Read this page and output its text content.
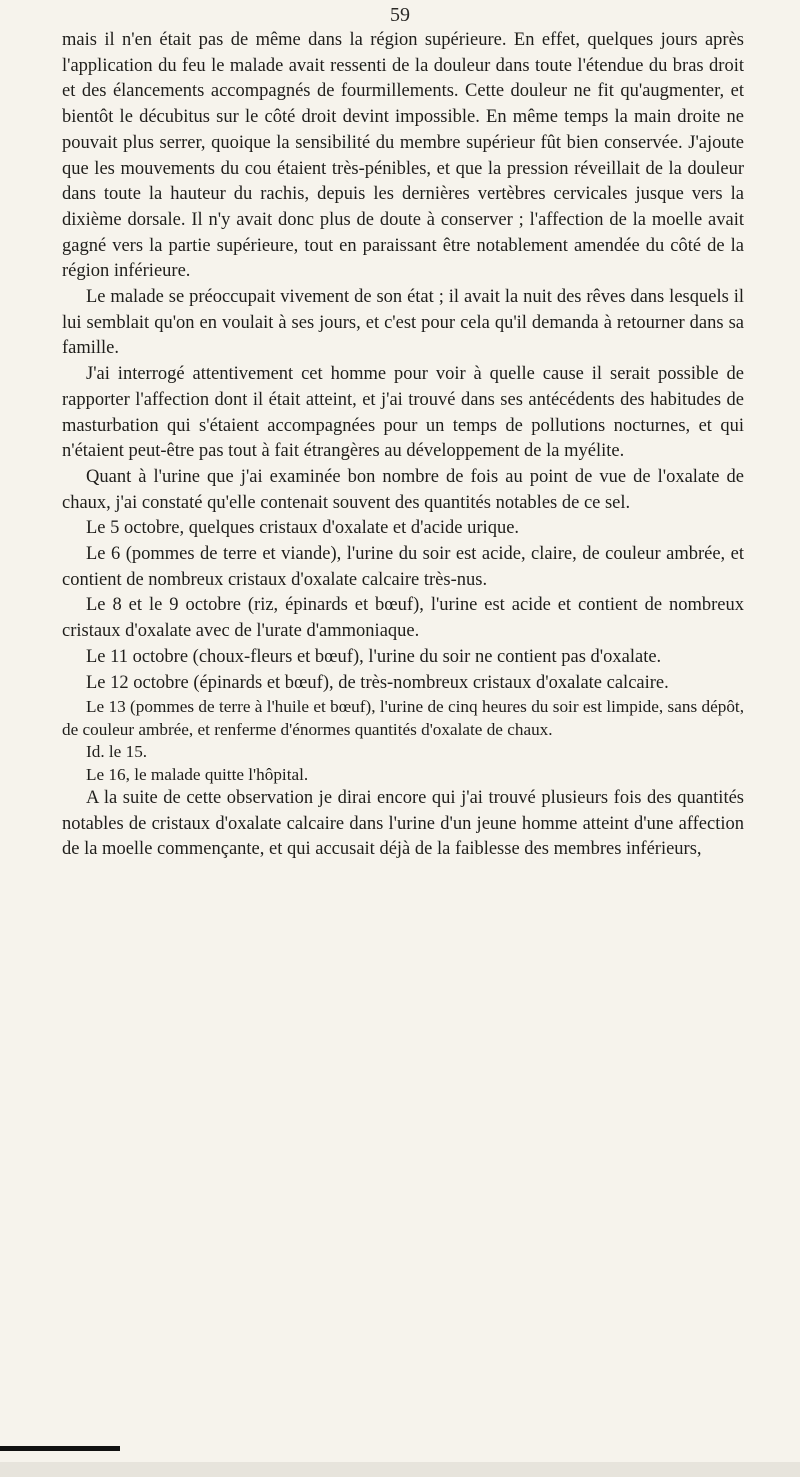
59

mais il n'en était pas de même dans la région supérieure. En effet, quelques jours après l'application du feu le malade avait ressenti de la douleur dans toute l'étendue du bras droit et des élancements accompagnés de fourmillements. Cette douleur ne fit qu'augmenter, et bientôt le décubitus sur le côté droit devint impossible. En même temps la main droite ne pouvait plus serrer, quoique la sensibilité du membre supérieur fût bien conservée. J'ajoute que les mouvements du cou étaient très-pénibles, et que la pression réveillait de la douleur dans toute la hauteur du rachis, depuis les dernières vertèbres cervicales jusque vers la dixième dorsale. Il n'y avait donc plus de doute à conserver ; l'affection de la moelle avait gagné vers la partie supérieure, tout en paraissant être notablement amendée du côté de la région inférieure.

Le malade se préoccupait vivement de son état ; il avait la nuit des rêves dans lesquels il lui semblait qu'on en voulait à ses jours, et c'est pour cela qu'il demanda à retourner dans sa famille.

J'ai interrogé attentivement cet homme pour voir à quelle cause il serait possible de rapporter l'affection dont il était atteint, et j'ai trouvé dans ses antécédents des habitudes de masturbation qui s'étaient accompagnées pour un temps de pollutions nocturnes, et qui n'étaient peut-être pas tout à fait étrangères au développement de la myélite.

Quant à l'urine que j'ai examinée bon nombre de fois au point de vue de l'oxalate de chaux, j'ai constaté qu'elle contenait souvent des quantités notables de ce sel.

Le 5 octobre, quelques cristaux d'oxalate et d'acide urique.

Le 6 (pommes de terre et viande), l'urine du soir est acide, claire, de couleur ambrée, et contient de nombreux cristaux d'oxalate calcaire très-nus.

Le 8 et le 9 octobre (riz, épinards et bœuf), l'urine est acide et contient de nombreux cristaux d'oxalate avec de l'urate d'ammoniaque.

Le 11 octobre (choux-fleurs et bœuf), l'urine du soir ne contient pas d'oxalate.

Le 12 octobre (épinards et bœuf), de très-nombreux cristaux d'oxalate calcaire.

Le 13 (pommes de terre à l'huile et bœuf), l'urine de cinq heures du soir est limpide, sans dépôt, de couleur ambrée, et renferme d'énormes quantités d'oxalate de chaux.

Id. le 15.

Le 16, le malade quitte l'hôpital.

A la suite de cette observation je dirai encore qui j'ai trouvé plusieurs fois des quantités notables de cristaux d'oxalate calcaire dans l'urine d'un jeune homme atteint d'une affection de la moelle commençante, et qui accusait déjà de la faiblesse des membres inférieurs,
